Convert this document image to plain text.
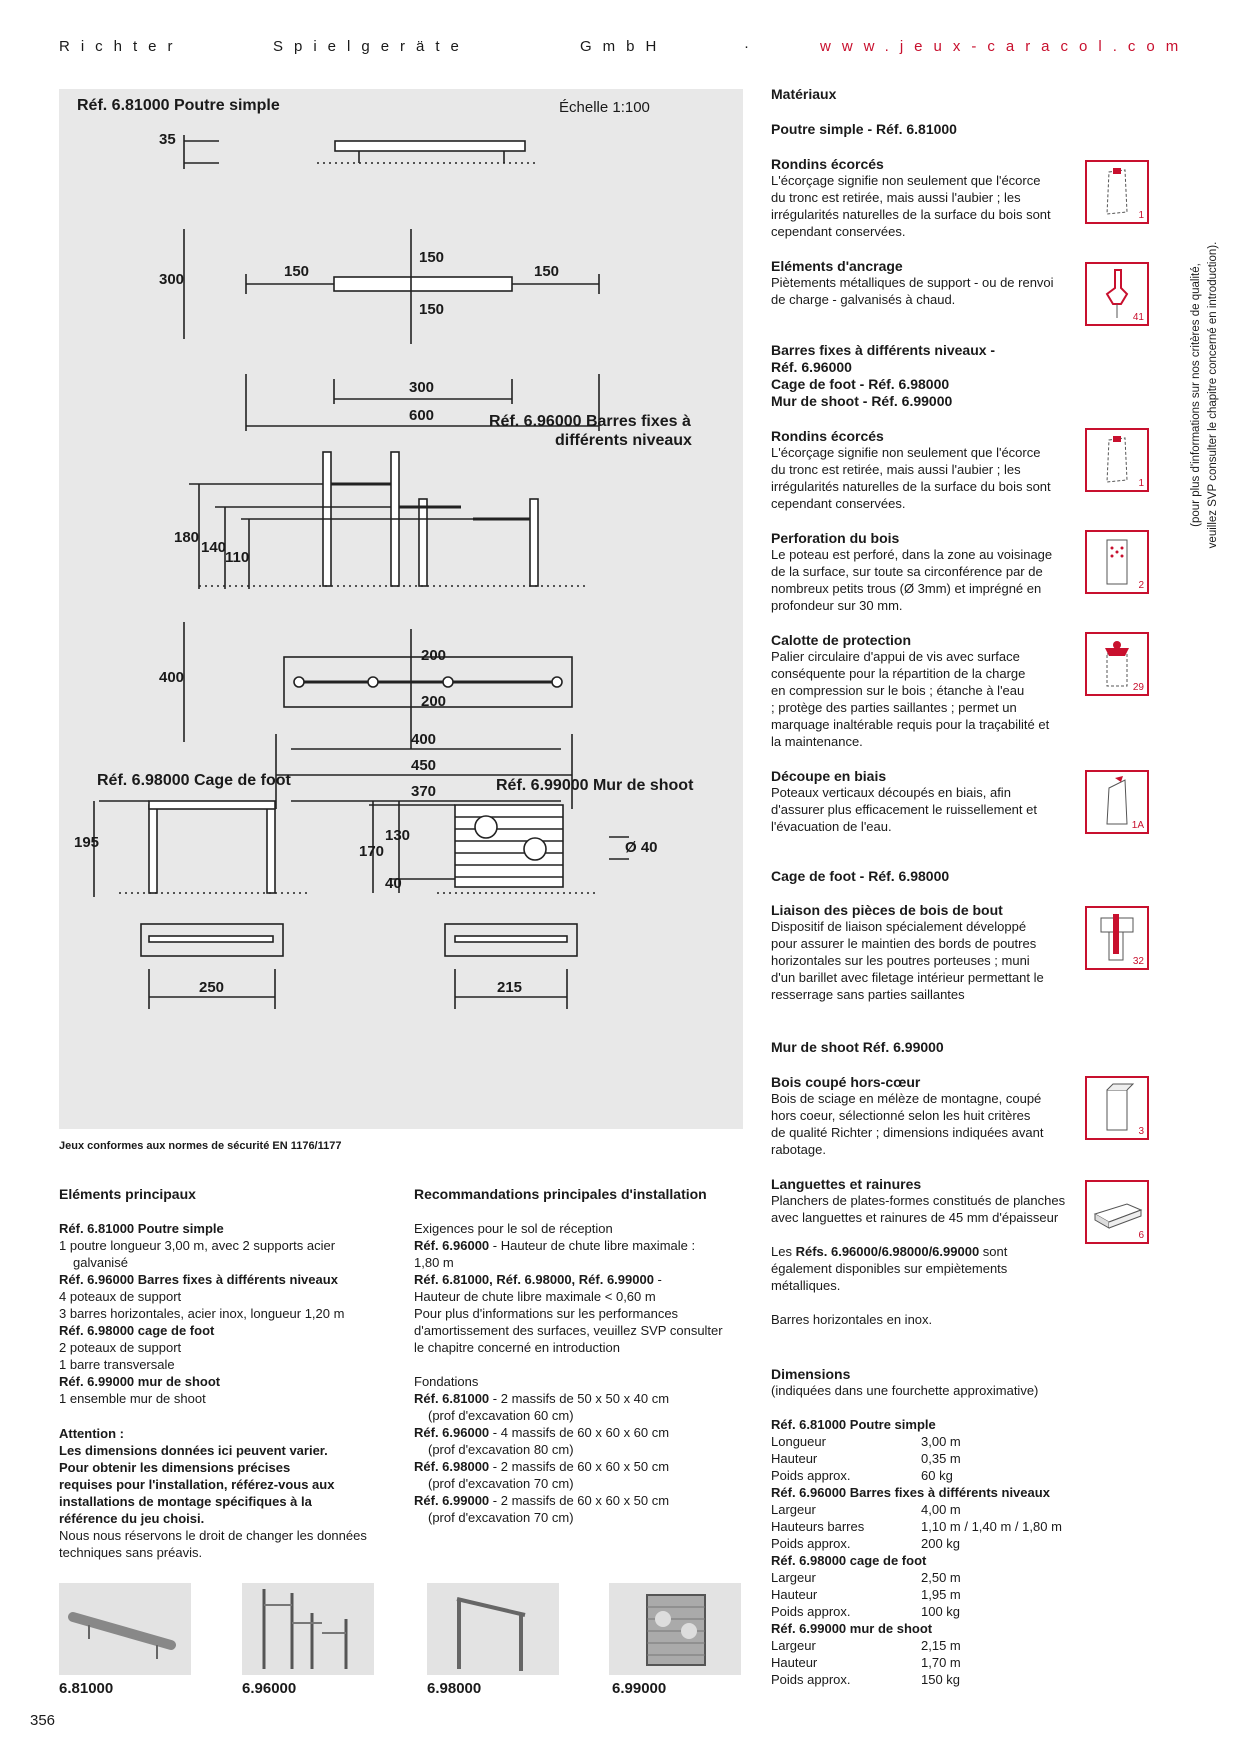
Richter	Spielgeräte	GmbH	·	www.jeux-caracol.com
Réf. 6.81000 Poutre simple	Échelle 1:100
Réf. 6.96000 Barres fixes à
différents niveaux
Réf. 6.98000 Cage de foot	Réf. 6.99000 Mur de shoot
35
300	150	150
150
150
300
600
180
140
110
400
200
200
400
450
370
195
250
170
130
40
Ø 40
215
Jeux conformes aux normes de sécurité EN 1176/1177

Eléments principaux

Réf. 6.81000 Poutre simple

1 poutre longueur 3,00 m, avec 2 supports acier

galvanisé

Réf. 6.96000 Barres fixes à différents niveaux

4 poteaux de support

3 barres horizontales, acier inox, longueur 1,20 m

Réf. 6.98000 cage de foot

2 poteaux de support

1 barre transversale

Réf. 6.99000 mur de shoot

1 ensemble mur de shoot

Attention :

Les dimensions données ici peuvent varier.

Pour obtenir les dimensions précises

requises pour l'installation, référez-vous aux

installations de montage spécifiques à la

référence du jeu choisi.

Nous nous réservons le droit de changer les données

techniques sans préavis.

Recommandations principales d'installation

Exigences pour le sol de réception

Réf. 6.96000 - Hauteur de chute libre maximale :

1,80 m

Réf. 6.81000, Réf. 6.98000, Réf. 6.99000 -

Hauteur de chute libre maximale < 0,60 m

Pour plus d'informations sur les performances

d'amortissement des surfaces, veuillez SVP consulter

le chapitre concerné en introduction

Fondations

Réf. 6.81000 - 2 massifs de 50 x 50 x 40 cm

(prof d'excavation 60 cm)

Réf. 6.96000 - 4 massifs de 60 x 60 x 60 cm

(prof d'excavation 80 cm)

Réf. 6.98000 - 2 massifs de 60 x 60 x 50 cm

(prof d'excavation 70 cm)

Réf. 6.99000 - 2 massifs de 60 x 60 x 50 cm

(prof d'excavation 70 cm)

Matériaux

Poutre simple - Réf. 6.81000

Rondins écorcés

L'écorçage signifie non seulement que l'écorce

du tronc est retirée, mais aussi l'aubier ; les

irrégularités naturelles de la surface du bois sont

cependant conservées.

1

Eléments d'ancrage

Piètements métalliques de support - ou de renvoi

de charge - galvanisés à chaud.

41

Barres fixes à différents niveaux -

Réf. 6.96000

Cage de foot - Réf. 6.98000

Mur de shoot - Réf. 6.99000

Rondins écorcés

L'écorçage signifie non seulement que l'écorce

du tronc est retirée, mais aussi l'aubier ; les

irrégularités naturelles de la surface du bois sont

cependant conservées.

1

Perforation du bois

Le poteau est perforé, dans la zone au voisinage

de la surface, sur toute sa circonférence par de

nombreux petits trous (Ø 3mm) et imprégné en

profondeur sur 30 mm.

2

Calotte de protection

Palier circulaire d'appui de vis avec surface

conséquente pour la répartition de la charge

en compression sur le bois ; étanche à l'eau

; protège des parties saillantes ; permet un

marquage inaltérable requis pour la traçabilité et

la maintenance.

29

Découpe en biais

Poteaux verticaux découpés en biais, afin

d'assurer plus efficacement le ruissellement et

l'évacuation de l'eau.	1A

Cage de foot - Réf. 6.98000

Liaison des pièces de bois de bout

Dispositif de liaison spécialement développé

pour assurer le maintien des bords de poutres

horizontales sur les poutres porteuses ; muni

d'un barillet avec filetage intérieur permettant le

resserrage sans parties saillantes

32

Mur de shoot Réf. 6.99000

Bois coupé hors-cœur

Bois de sciage en mélèze de montagne, coupé

hors coeur, sélectionné selon les huit critères

de qualité Richter ; dimensions indiquées avant

rabotage.

3

Languettes et rainures

Planchers de plates-formes constitués de planches

avec languettes et rainures de 45 mm d'épaisseur

Les Réfs. 6.96000/6.98000/6.99000 sont

également disponibles sur empiètements

métalliques.

Barres horizontales en inox.

6
(pour plus d'informations sur nos critères de qualité, veuillez SVP consulter le chapitre concerné en introduction).

Dimensions

(indiquées dans une fourchette approximative)

Réf. 6.81000 Poutre simple

Longueur	3,00 m
Hauteur	0,35 m
Poids approx.	60 kg

Réf. 6.96000 Barres fixes à différents niveaux

Largeur	4,00 m
Hauteurs barres	1,10 m / 1,40 m / 1,80 m
Poids approx.	200 kg

Réf. 6.98000 cage de foot

Largeur	2,50 m
Hauteur	1,95 m
Poids approx.	100 kg

Réf. 6.99000 mur de shoot

Largeur	2,15 m
Hauteur	1,70 m
Poids approx.	150 kg
6.81000	6.96000	6.98000	6.99000
356
